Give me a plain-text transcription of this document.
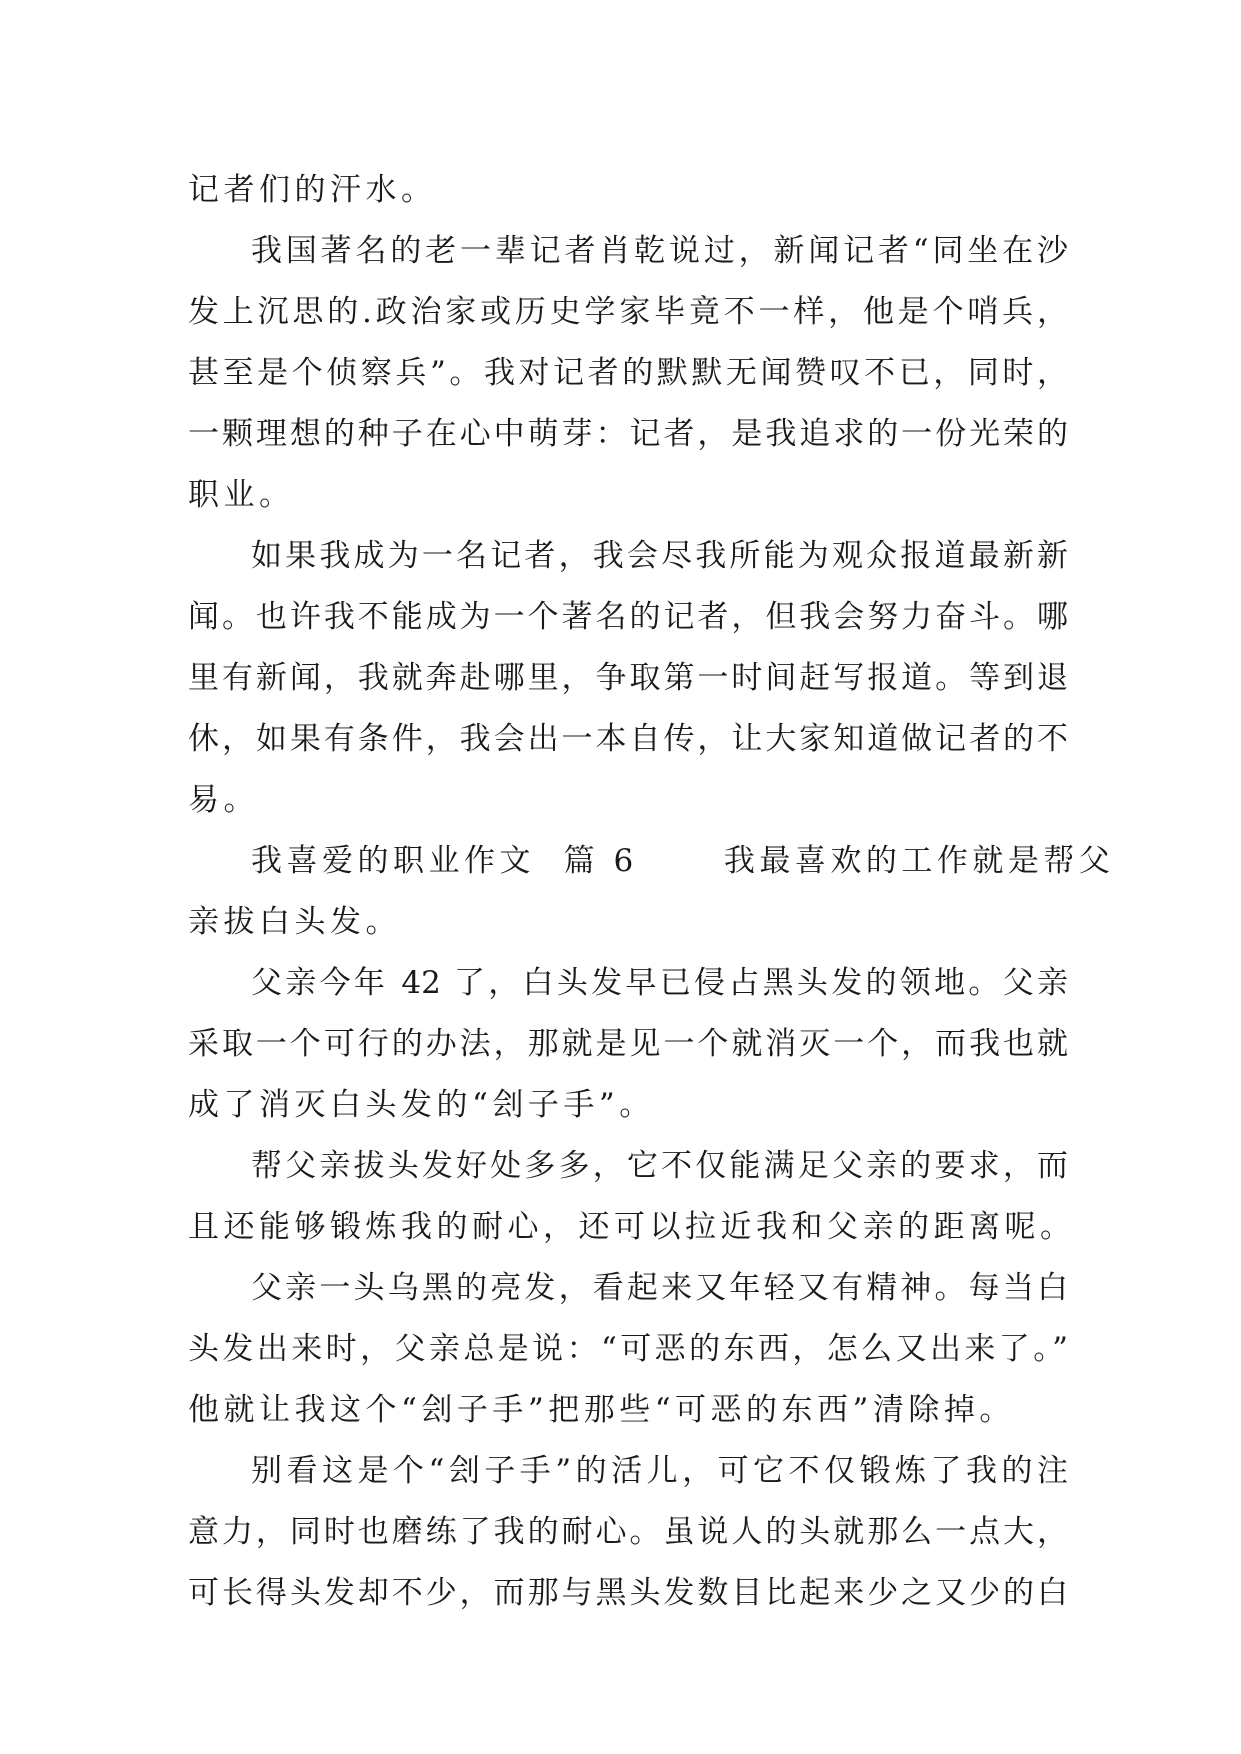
记者们的汗水。
我国著名的老一辈记者肖乾说过，新闻记者“同坐在沙
发上沉思的.政治家或历史学家毕竟不一样，他是个哨兵，
甚至是个侦察兵”。我对记者的默默无闻赞叹不已，同时，
一颗理想的种子在心中萌芽：记者，是我追求的一份光荣的
职业。
如果我成为一名记者，我会尽我所能为观众报道最新新
闻。也许我不能成为一个著名的记者，但我会努力奋斗。哪
里有新闻，我就奔赴哪里，争取第一时间赶写报道。等到退
休，如果有条件，我会出一本自传，让大家知道做记者的不
易。
我喜爱的职业作文  篇 6      我最喜欢的工作就是帮父
亲拔白头发。
父亲今年 42 了，白头发早已侵占黑头发的领地。父亲
采取一个可行的办法，那就是见一个就消灭一个，而我也就
成了消灭白头发的“刽子手”。
帮父亲拔头发好处多多，它不仅能满足父亲的要求，而
且还能够锻炼我的耐心，还可以拉近我和父亲的距离呢。
父亲一头乌黑的亮发，看起来又年轻又有精神。每当白
头发出来时，父亲总是说：“可恶的东西，怎么又出来了。”
他就让我这个“刽子手”把那些“可恶的东西”清除掉。
别看这是个“刽子手”的活儿，可它不仅锻炼了我的注
意力，同时也磨练了我的耐心。虽说人的头就那么一点大，
可长得头发却不少，而那与黑头发数目比起来少之又少的白
